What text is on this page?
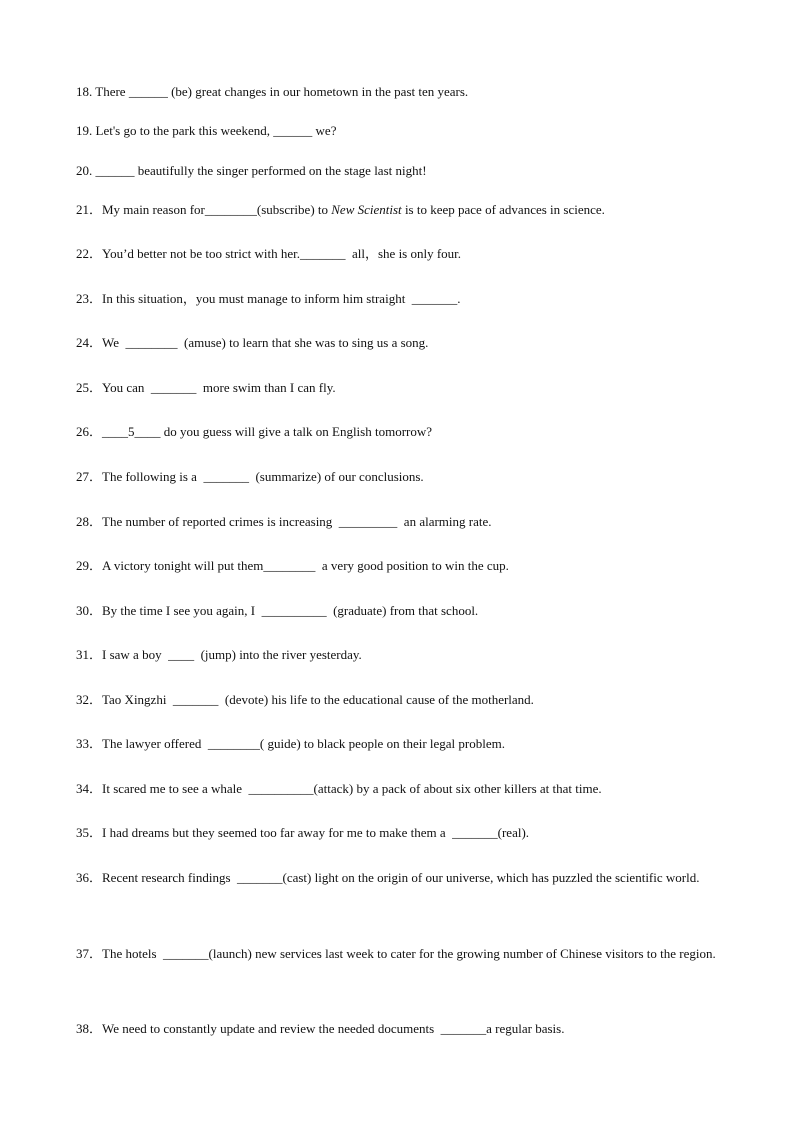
18. There ______ (be) great changes in our hometown in the past ten years.

19. Let's go to the park this weekend, ______ we?

20. ______ beautifully the singer performed on the stage last night!

21．My main reason for________(subscribe) to New Scientist is to keep pace of advances in science.

22．You’d better not be too strict with her._______  all，she is only four.

23．In this situation，you must manage to inform him straight  _______.

24．We  ________  (amuse) to learn that she was to sing us a song.

25．You can  _______  more swim than I can fly.

26．____5____ do you guess will give a talk on English tomorrow?

27．The following is a  _______  (summarize) of our conclusions.

28．The number of reported crimes is increasing  _________  an alarming rate.

29．A victory tonight will put them________  a very good position to win the cup.

30．By the time I see you again, I  __________  (graduate) from that school.

31．I saw a boy  ____  (jump) into the river yesterday.

32．Tao Xingzhi  _______  (devote) his life to the educational cause of the motherland.

33．The lawyer offered  ________( guide) to black people on their legal problem.

34．It scared me to see a whale  __________(attack) by a pack of about six other killers at that time.

35．I had dreams but they seemed too far away for me to make them a  _______(real).

36．Recent research findings  _______(cast) light on the origin of our universe, which has puzzled the scientific world.

37．The hotels  _______(launch) new services last week to cater for the growing number of Chinese visitors to the region.

38．We need to constantly update and review the needed documents  _______a regular basis.
